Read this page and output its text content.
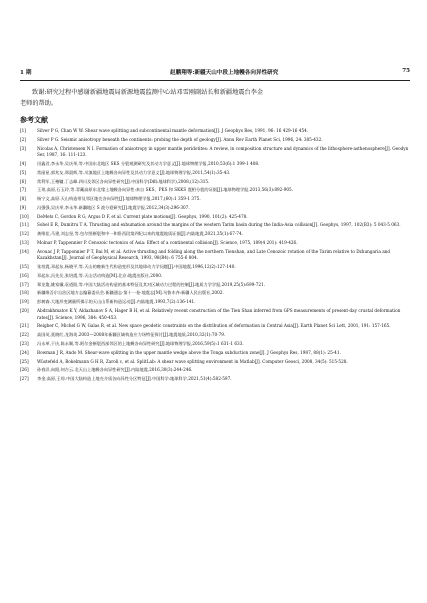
1 期	赵鹏翔等:新疆天山中段上地幔各向异性研究	75
致谢:研究过程中感谢新疆地震局新源地震监测中心站邓雪刚副站长和新疆地震台李金
老师的帮助。
参考文献
[1]	Silver P G, Chan W W. Shear wave splitting and subcontinental mantle deformation[J]. J Geophys Res, 1991, 96: 16 429-16 454.
[2]	Silver P G. Seismic anisotropy beneath the continents: probing the depth of geology[J]. Annu Rev Earth Planet Sci, 1996, 24: 385-432.
[3]	Nicolas A, Christensen N I. Formation of anisotropy in upper mantle peridotites: A review, in composition structure and dynamics of the lithosphere-asthenosphere[J]. Geodyn Ser, 1987, 16: 111-123.
[4]	田鑫君,李永华,吴庆举,等.中国东北地区 SKS 分裂观测研究及其动力学意义[J].地球物理学报,2010,53(6):1 399-1 408.
[5]	常丽星,郭兆友,郑晨辉,等.川滇地区上地幔各向异性及其动力学意义[J].地球物理学报,2011,54(1):35-43.
[6]	常利军,王椿镛,丁志峰.四川及邻区各向异性研究[J].中国科学(D辑:地球科学),2008,(12):315.
[7]	王琼,高原,石玉玲,等.青藏高原东北缘上地幔各向异性:来自 SKS、PKS 和 SKKS 震相分裂的证据[J].地球物理学报,2013,56(3):892-905.
[8]	杨宁文,高原.天山构造带及邻区地壳各向异性[J].地球物理学报,2017,(60):1 359-1 375.
[9]	冯强强,吴庆举,李永华.新疆地区 S 波分裂研究[J].地震学报,2012,34(3):296-307.
[10] DeMets C, Gordon R G, Argus D F, et al. Current plate motions[J]. Geophys, 1990, 101(2): 425-478.
[11] Sobel E R, Dumitru T A. Thrusting and exhumation around the margins of the western Tarim basin during the India-Asia collision[J]. Geophys, 1997, 102(B3): 5 043-5 063.
[12] 龚唯佳,马建,刘志坚,等.包尔图断裂和中一和卧西段第四纪以来的地震地质证据[J].内陆地震,2021,35(1):67-74.
[13] Molnar P, Tapponnier P. Cenozoic tectonics of Asia: Effect of a continental collision[J]. Science, 1975, 189(4 201): 419-426.
[14] Avouac J P, Tapponnier P T, Bai M, et al. Active thrusting and folding along the northern Tienshan, and Late Cenozoic rotation of the Tarim relative to Dzhungaria and Kazakhstan[J]. Journal of Geophysical Research, 1993, 98(B4): 6 755-6 804.
[15] 张培震,邓起东,杨晓平,等.天山的晚新生代构造变形及其地球动力学问题[J].中国地震,1996,12(2):127-140.
[16] 邓起东,冯先岳,张培震,等.天山活动构造[M].北京:地震出版社,2000.
[17] 郑龙俊,姚家骥,袁道阳,等.中国大陆活动构造的基本特征及其对区域动力过程的控制[J].地质力学学报,2019,25(5):699-721.
[18] 新疆维吾尔自治区地方志编纂委员会.新疆通志·第十一卷·地震志[M].乌鲁木齐:新疆人民出版社,2002.
[19] 彭树森.大地形变测量所揭示的天山山系新构造运动[J].内陆地震,1993,7(2):136-141.
[20] Abdrakhmatov K Y, Aldazhanov S A, Hager B H, et al. Relatively recent construction of the Tien Shan inferred from GPS measurements of present-day crustal deformation rates[J]. Science, 1996, 384: 450-453.
[21] Reigber C, Michel G W, Galas R, et al. New space geodetic constraints on the distribution of deformation in Central Asia[J]. Earth Planet Sci Lett, 2001, 191: 157-165.
[22] 高国英,聂晓红,龙海英.2003—2008年新疆区域构造应力场特征探讨[J].地震地质,2010,32(1):70-79.
[23] 冯永革,于庆,陈永顺,等.阿尔金断裂西部邻区的上地幔各向异性研究[J].地球物理学报,2016,59(5):1 631-1 633.
[24] Bowman J R, Ando M. Shear-wave splitting in the upper mantle wedge above the Tonga subduction zone[J]. J Geophys Res, 1987, 88(1): 25-41.
[25] Wüstefeld A, Bokelmann G H R, Zaroli c, et al. SplitLab: A shear wave splitting environment in Matlab[J]. Computer Geosci, 2008, 34(5): 515-528.
[26] 孙春洋,向阳,何吉云.北天山上地幔各向异性研究[J].内陆地震,2016,30(3):244-246.
[27] 李金,高原,王琼.中国大陆构造上地壳介质各向异性分区特征[J].中国科学:地球科学,2021,51(4):582-597.
